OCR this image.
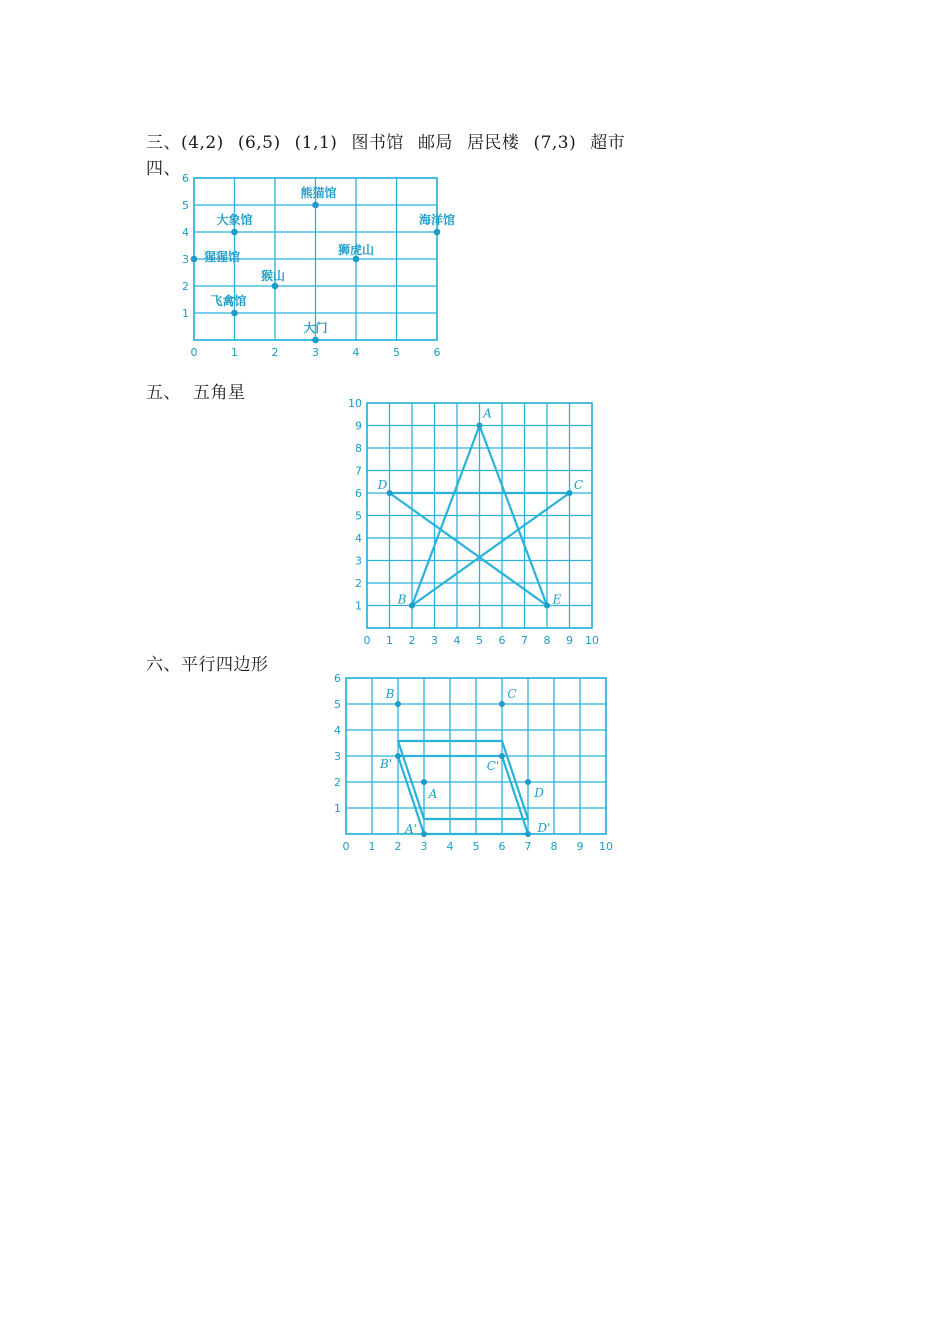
三、(4,2) (6,5) (1,1) 图书馆 邮局 居民楼 (7,3) 超市
四、
0	1	2	3	4	5	6
1
2
3
4
5
6
熊猫馆
大象馆	海洋馆
狮虎山
猩猩馆
猴山
飞禽馆
大门
五、 五角星
0 1 2 3 4 5 6 7 8 9 10
1
2
3
4
5
6
7
8
9
10
A
B
C
D
E
六、平行四边形
0 1 2 3 4 5 6 7 8 9 10
1
2
3
4
5
6
B	C
A	D
B'	C'
A'	D'
